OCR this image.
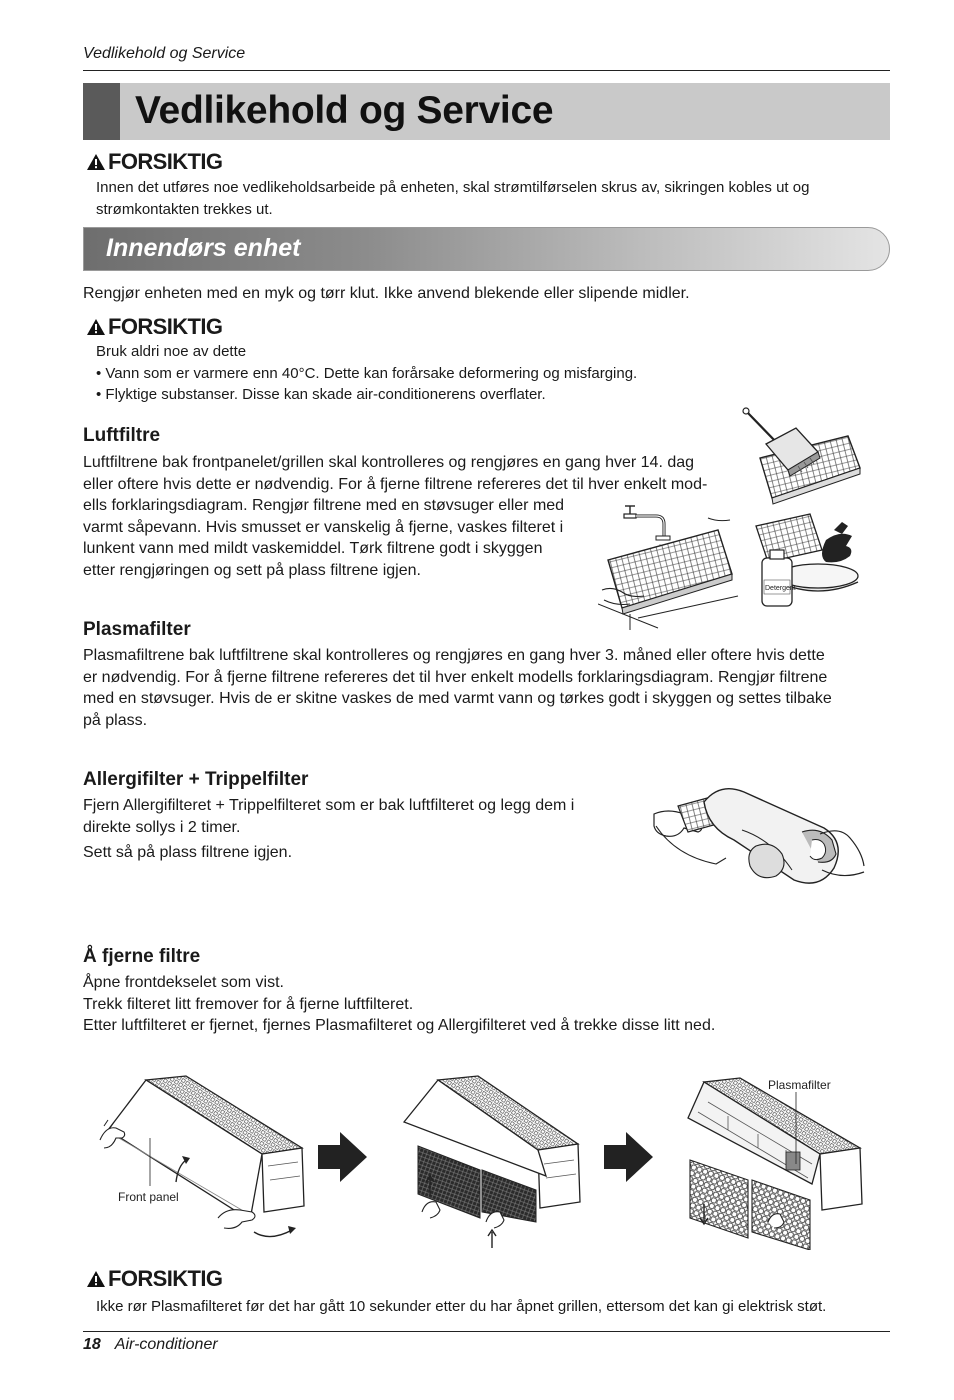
Vedlikehold og Service
Vedlikehold og Service
FORSIKTIG
Innen det utføres noe vedlikeholdsarbeide på enheten, skal strømtilførselen skrus av, sikringen kobles ut og
strømkontakten trekkes ut.
Innendørs enhet
Rengjør enheten med en myk og tørr klut. Ikke anvend blekende eller slipende midler.
FORSIKTIG
Bruk aldri noe av dette
• Vann som er varmere enn 40°C. Dette kan forårsake deformering og misfarging.
• Flyktige substanser. Disse kan skade air-conditionerens overflater.
Luftfiltre
Luftfiltrene bak frontpanelet/grillen skal kontrolleres og rengjøres en gang hver 14. dag
eller oftere hvis dette er nødvendig. For å fjerne filtrene refereres det til hver enkelt mod-
ells forklaringsdiagram. Rengjør filtrene med en støvsuger eller med
varmt såpevann. Hvis smusset er vanskelig å fjerne, vaskes filteret i
lunkent vann med mildt vaskemiddel. Tørk filtrene godt i skyggen
etter rengjøringen og sett på plass filtrene igjen.
Detergent
Plasmafilter
Plasmafiltrene bak luftfiltrene skal kontrolleres og rengjøres en gang hver 3. måned eller oftere hvis dette
er nødvendig. For å fjerne filtrene refereres det til hver enkelt modells forklaringsdiagram. Rengjør filtrene
med en støvsuger. Hvis de er skitne vaskes de med varmt vann og tørkes godt i skyggen og settes tilbake
på plass.
Allergifilter + Trippelfilter
Fjern Allergifilteret + Trippelfilteret som er bak luftfilteret og legg dem i
direkte sollys i 2 timer.
Sett så på plass filtrene igjen.
Å fjerne filtre
Åpne frontdekselet som vist.
Trekk filteret litt fremover for å fjerne luftfilteret.
Etter luftfilteret er fjernet, fjernes Plasmafilteret og Allergifilteret ved å trekke disse litt ned.
Front panel
Plasmafilter
FORSIKTIG
Ikke rør Plasmafilteret før det har gått 10 sekunder etter du har åpnet grillen, ettersom det kan gi elektrisk støt.
18 Air-conditioner
